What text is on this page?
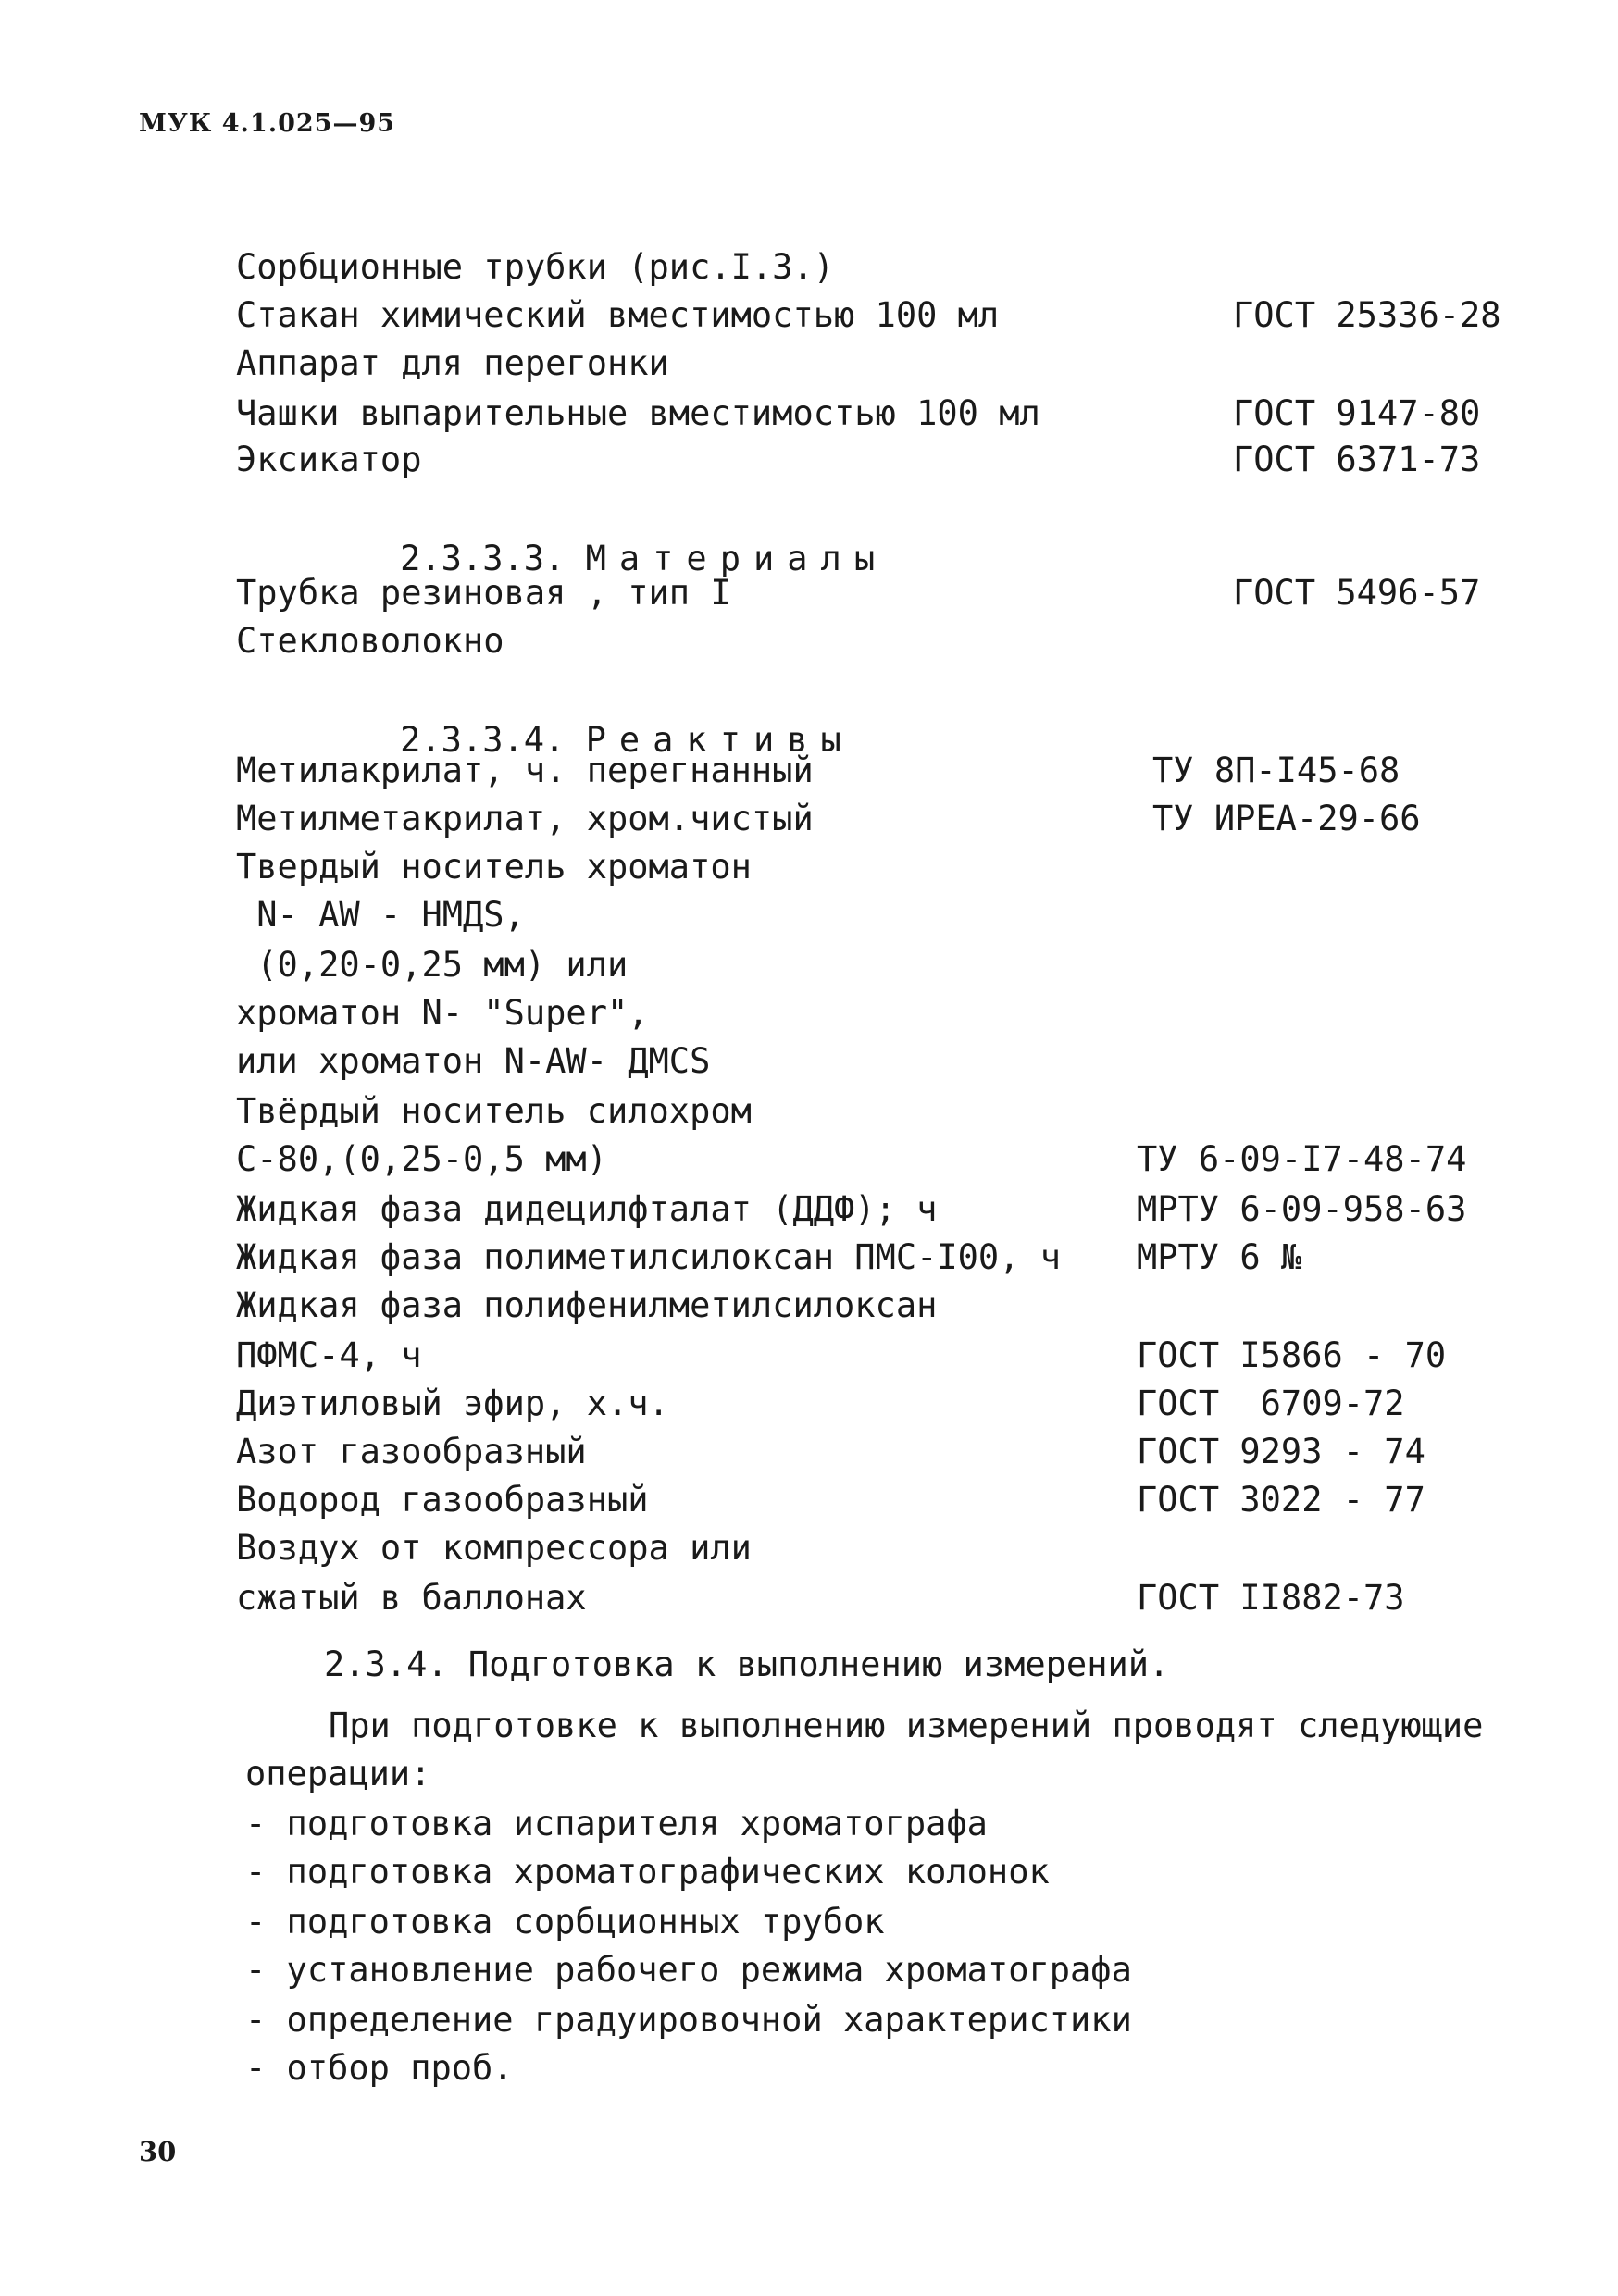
МУК 4.1.025—95
Сорбционные трубки (рис.I.3.)
Стакан химический вместимостью 100 мл	ГОСТ 25336-28
Аппарат для перегонки
Чашки выпарительные вместимостью 100 мл	ГОСТ 9147-80
Эксикатор	ГОСТ 6371-73

2.3.3.3. Материалы

Трубка резиновая , тип I	ГОСТ 5496-57
Стекловолокно

2.3.3.4. Реактивы

Метилакрилат, ч. перегнанный	ТУ 8П-I45-68
Метилметакрилат, хром.чистый	ТУ ИРЕА-29-66
Твердый носитель хроматон
N- AW - НМДS,
(0,20-0,25 мм) или
хроматон N- "Super",
или хроматон N-AW- ДМСS
Твёрдый носитель силохром
С-80,(0,25-0,5 мм)	ТУ 6-09-I7-48-74
Жидкая фаза дидецилфталат (ДДФ); ч	МРТУ 6-09-958-63
Жидкая фаза полиметилсилоксан ПМС-I00, ч МРТУ 6 №
Жидкая фаза полифенилметилсилоксан
ПФМС-4, ч	ГОСТ I5866 - 70
Диэтиловый эфир, х.ч.	ГОСТ  6709-72
Азот газообразный	ГОСТ 9293 - 74
Водород газообразный	ГОСТ 3022 - 77
Воздух от компрессора или
сжатый в баллонах	ГОСТ II882-73
2.3.4. Подготовка к выполнению измерений.
При подготовке к выполнению измерений проводят следующие
операции:
- подготовка испарителя хроматографа
- подготовка хроматографических колонок
- подготовка сорбционных трубок
- установление рабочего режима хроматографа
- определение градуировочной характеристики
- отбор проб.
30
